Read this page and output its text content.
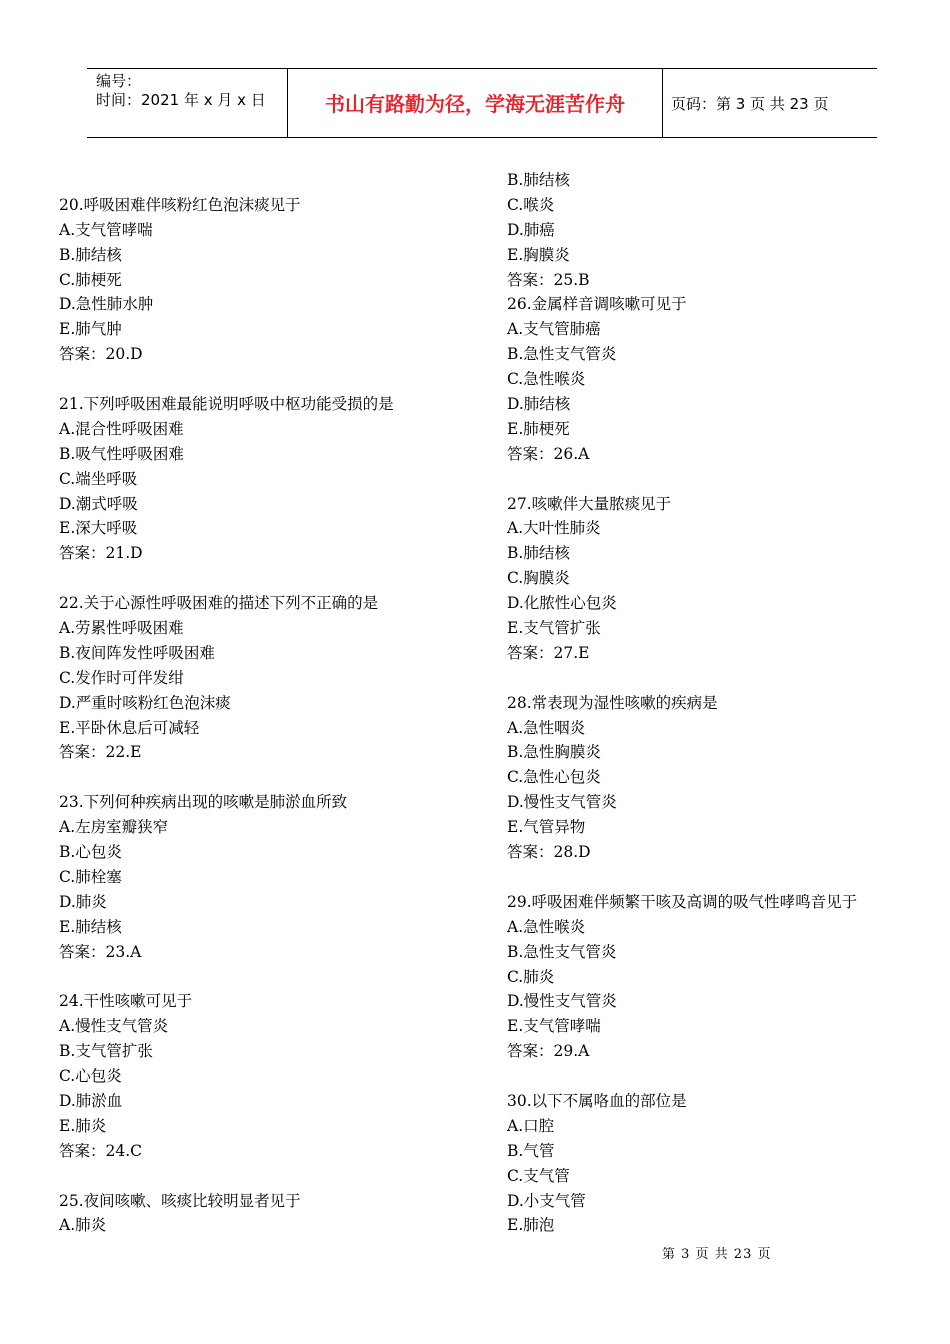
编号：
时间：2021 年 x 月 x 日	书山有路勤为径，学海无涯苦作舟	页码：第 3 页 共 23 页
20.呼吸困难伴咳粉红色泡沫痰见于
A.支气管哮喘
B.肺结核
C.肺梗死
D.急性肺水肿
E.肺气肿
答案：20.D
21.下列呼吸困难最能说明呼吸中枢功能受损的是
A.混合性呼吸困难
B.吸气性呼吸困难
C.端坐呼吸
D.潮式呼吸
E.深大呼吸
答案：21.D
22.关于心源性呼吸困难的描述下列不正确的是
A.劳累性呼吸困难
B.夜间阵发性呼吸困难
C.发作时可伴发绀
D.严重时咳粉红色泡沫痰
E.平卧休息后可减轻
答案：22.E
23.下列何种疾病出现的咳嗽是肺淤血所致
A.左房室瓣狭窄
B.心包炎
C.肺栓塞
D.肺炎
E.肺结核
答案：23.A
24.干性咳嗽可见于
A.慢性支气管炎
B.支气管扩张
C.心包炎
D.肺淤血
E.肺炎
答案：24.C
25.夜间咳嗽、咳痰比较明显者见于
A.肺炎
B.肺结核
C.喉炎
D.肺癌
E.胸膜炎
答案：25.B
26.金属样音调咳嗽可见于
A.支气管肺癌
B.急性支气管炎
C.急性喉炎
D.肺结核
E.肺梗死
答案：26.A
27.咳嗽伴大量脓痰见于
A.大叶性肺炎
B.肺结核
C.胸膜炎
D.化脓性心包炎
E.支气管扩张
答案：27.E
28.常表现为湿性咳嗽的疾病是
A.急性咽炎
B.急性胸膜炎
C.急性心包炎
D.慢性支气管炎
E.气管异物
答案：28.D
29.呼吸困难伴频繁干咳及高调的吸气性哮鸣音见于
A.急性喉炎
B.急性支气管炎
C.肺炎
D.慢性支气管炎
E.支气管哮喘
答案：29.A
30.以下不属咯血的部位是
A.口腔
B.气管
C.支气管
D.小支气管
E.肺泡
第 3 页 共 23 页
